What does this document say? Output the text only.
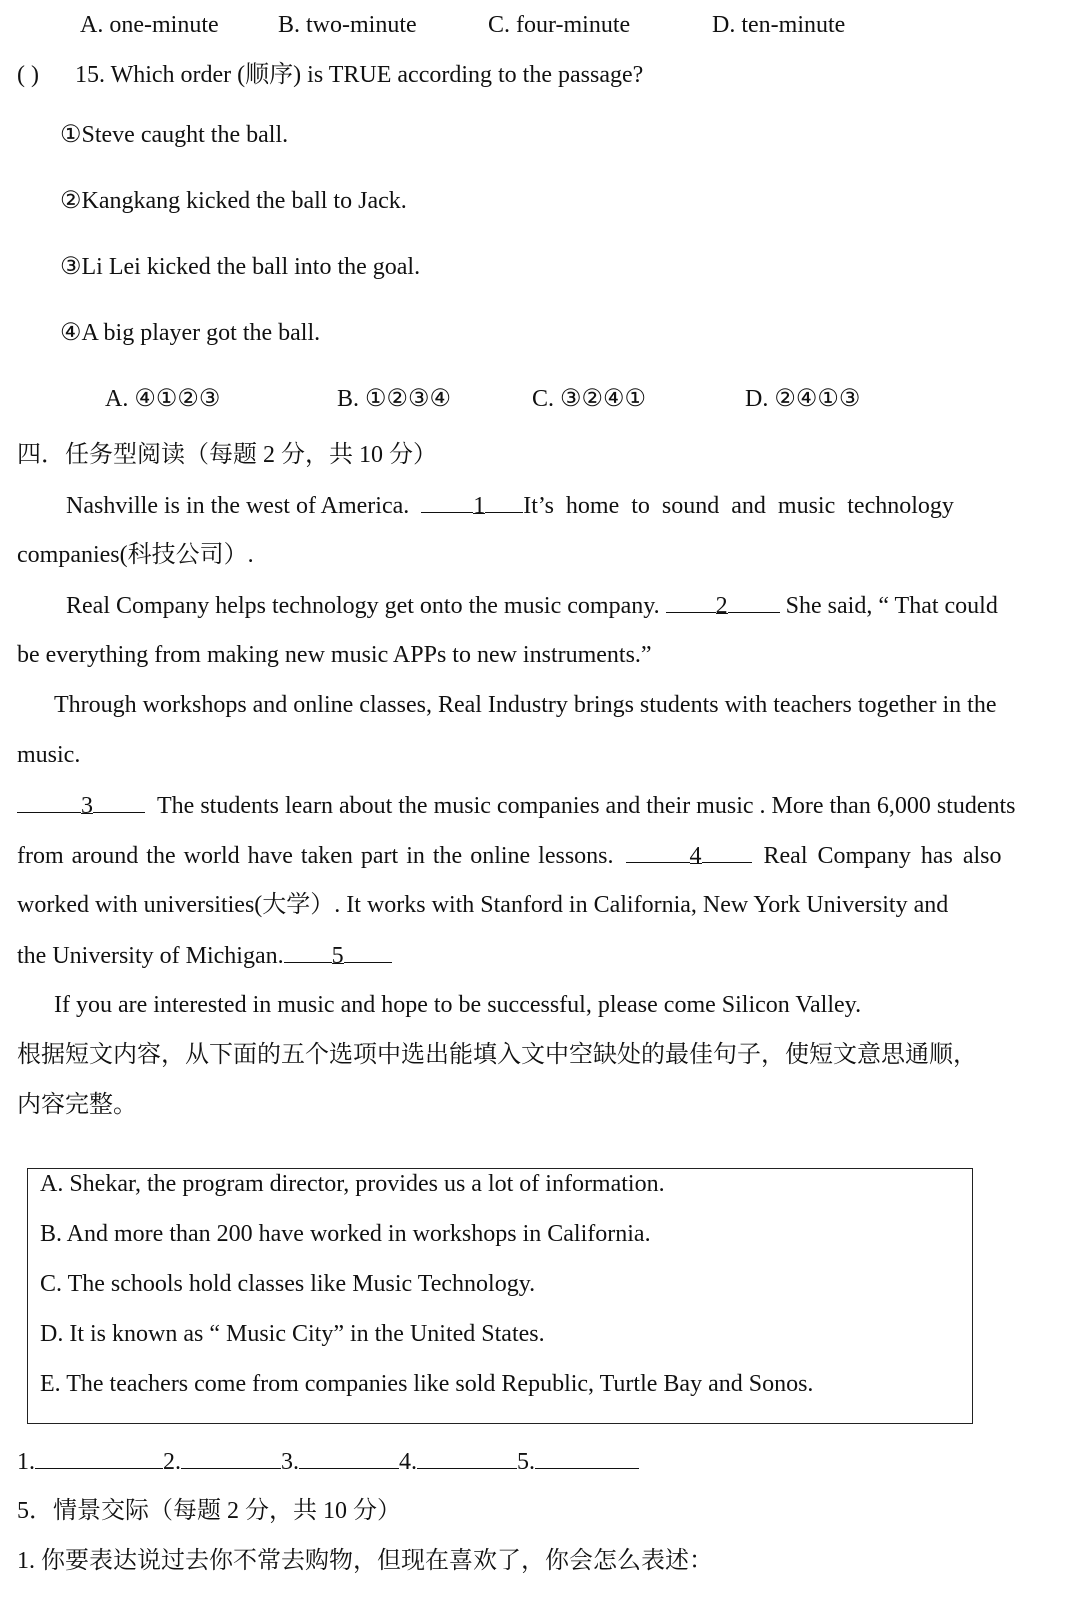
A. one-minute B. two-minute	C. four-minute	D. ten-minute
( ) 15. Which order (顺序) is TRUE according to the passage?
①Steve caught the ball.
②Kangkang kicked the ball to Jack.
③Li Lei kicked the ball into the goal.
④A big player got the ball.
A. ④①②③	B. ①②③④	C. ③②④①	D. ②④①③
四．任务型阅读（每题 2 分，共 10 分）
Nashville is in the west of America.	1 It’s home to sound and music technology
companies(科技公司）.
Real Company helps technology get onto the music company. 2 She said, “ That could
be everything from making new music APPs to new instruments.”
Through workshops and online classes, Real Industry brings students with teachers together in the
music.
3	The students learn about the music companies and their music . More than 6,000 students
from around the world have taken part in the online lessons.	4	Real Company has also
worked with universities(大学）. It works with Stanford in California, New York University and
the University of Michigan. 5
If you are interested in music and hope to be successful, please come Silicon Valley.
根据短文内容，从下面的五个选项中选出能填入文中空缺处的最佳句子，使短文意思通顺，
内容完整。
A. Shekar, the program director, provides us a lot of information.
B. And more than 200 have worked in workshops in California.
C. The schools hold classes like Music Technology.
D. It is known as “ Music City” in the United States.
E. The teachers come from companies like sold Republic, Turtle Bay and Sonos.
1.	2.	3.	4.	5.
5．情景交际（每题 2 分，共 10 分）
1. 你要表达说过去你不常去购物，但现在喜欢了，你会怎么表述：
